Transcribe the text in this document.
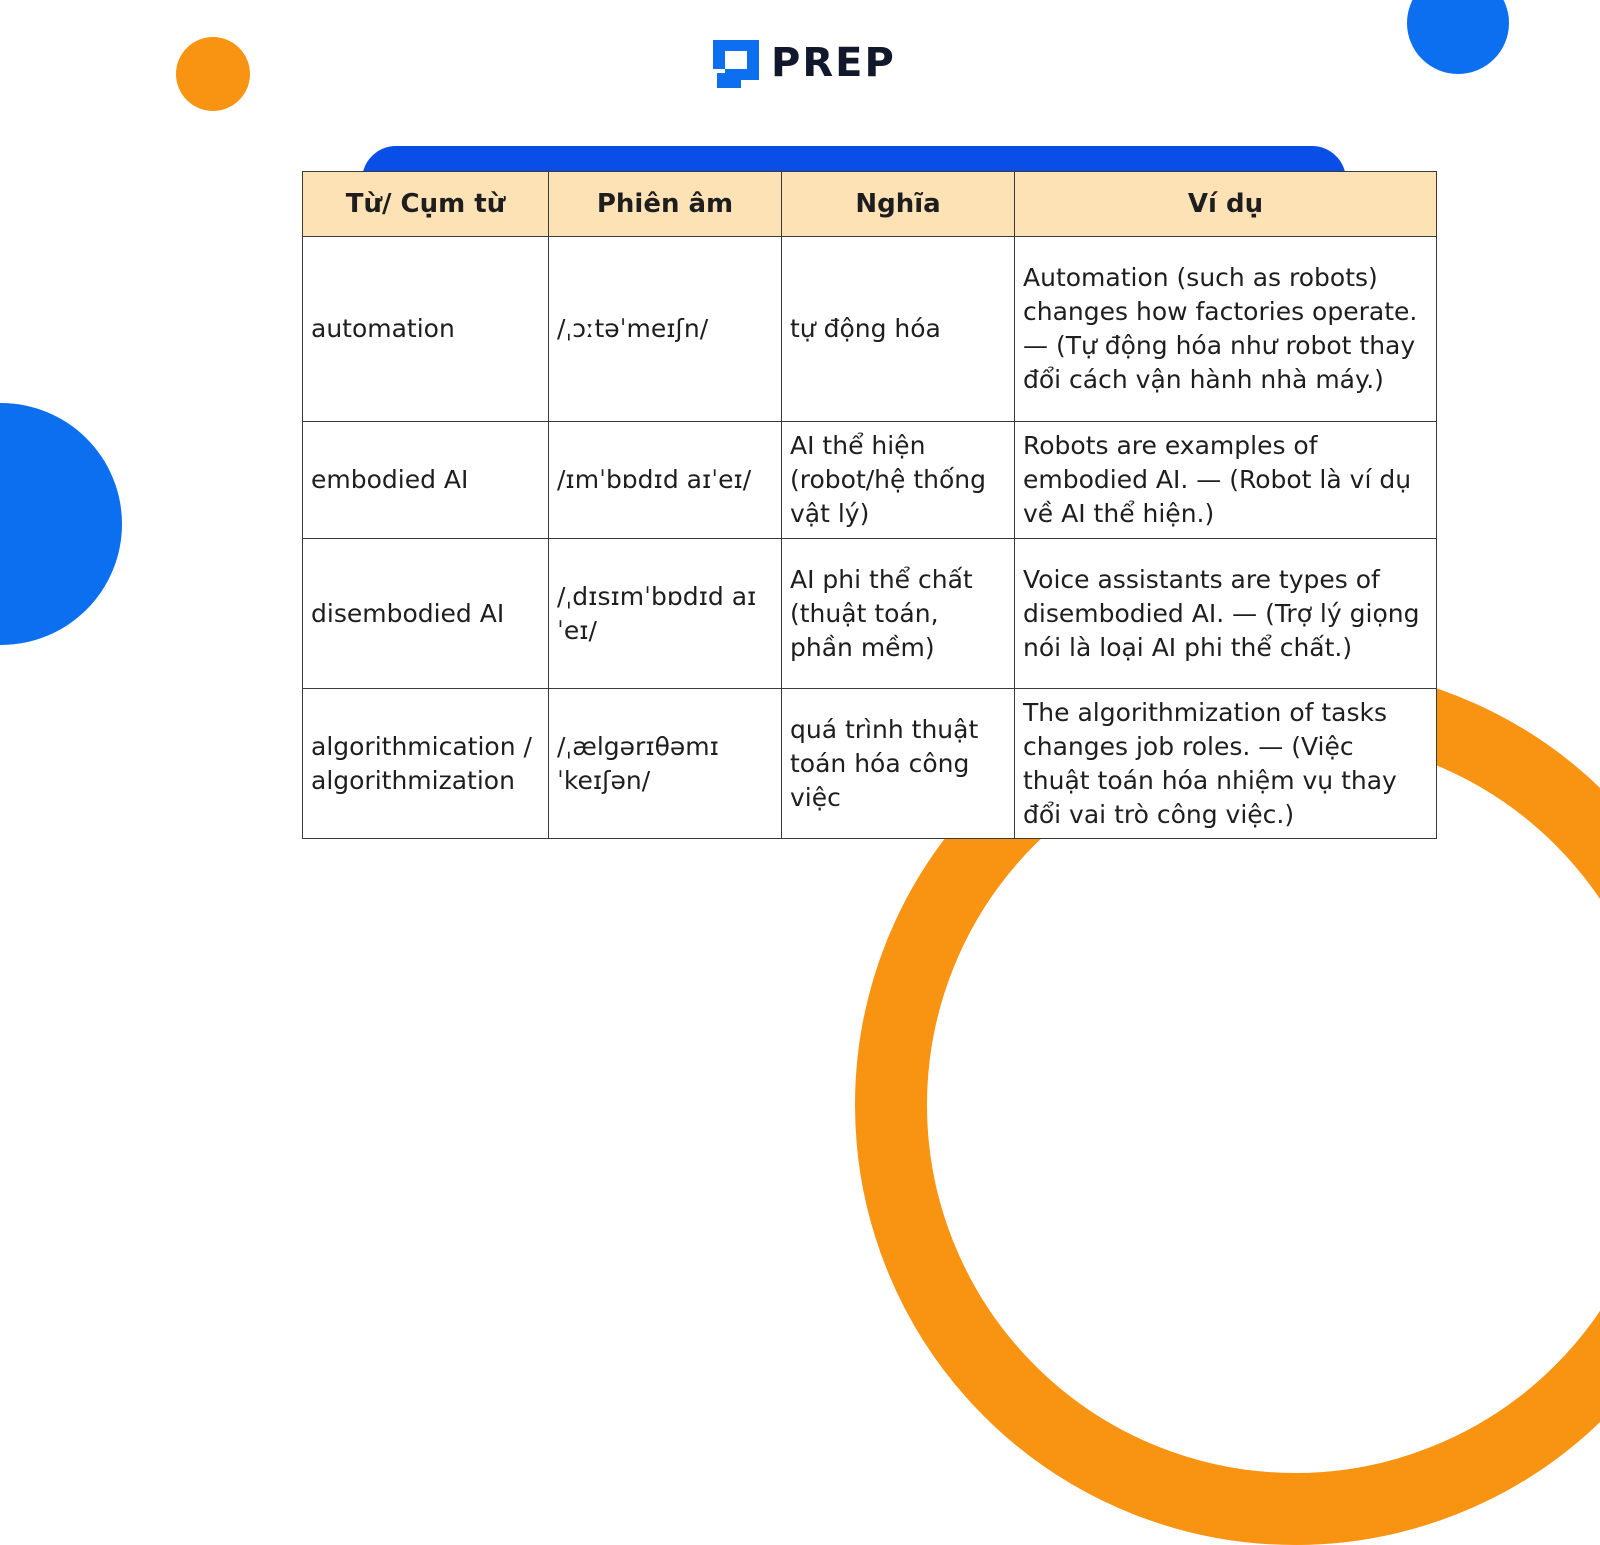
PREP
Từ/ Cụm từ	Phiên âm	Nghĩa	Ví dụ
automation	/ˌɔːtəˈmeɪʃn/	tự động hóa	Automation (such as robots) changes how factories operate. — (Tự động hóa như robot thay đổi cách vận hành nhà máy.)
embodied AI	/ɪmˈbɒdɪd aɪˈeɪ/	AI thể hiện (robot/hệ thống vật lý)	Robots are examples of embodied AI. — (Robot là ví dụ về AI thể hiện.)
disembodied AI	/ˌdɪsɪmˈbɒdɪd aɪ ˈeɪ/	AI phi thể chất (thuật toán, phần mềm)	Voice assistants are types of disembodied AI. — (Trợ lý giọng nói là loại AI phi thể chất.)
algorithmication / algorithmization	/ˌælgərɪθəmɪˈkeɪʃən/	quá trình thuật toán hóa công việc	The algorithmization of tasks changes job roles. — (Việc thuật toán hóa nhiệm vụ thay đổi vai trò công việc.)
